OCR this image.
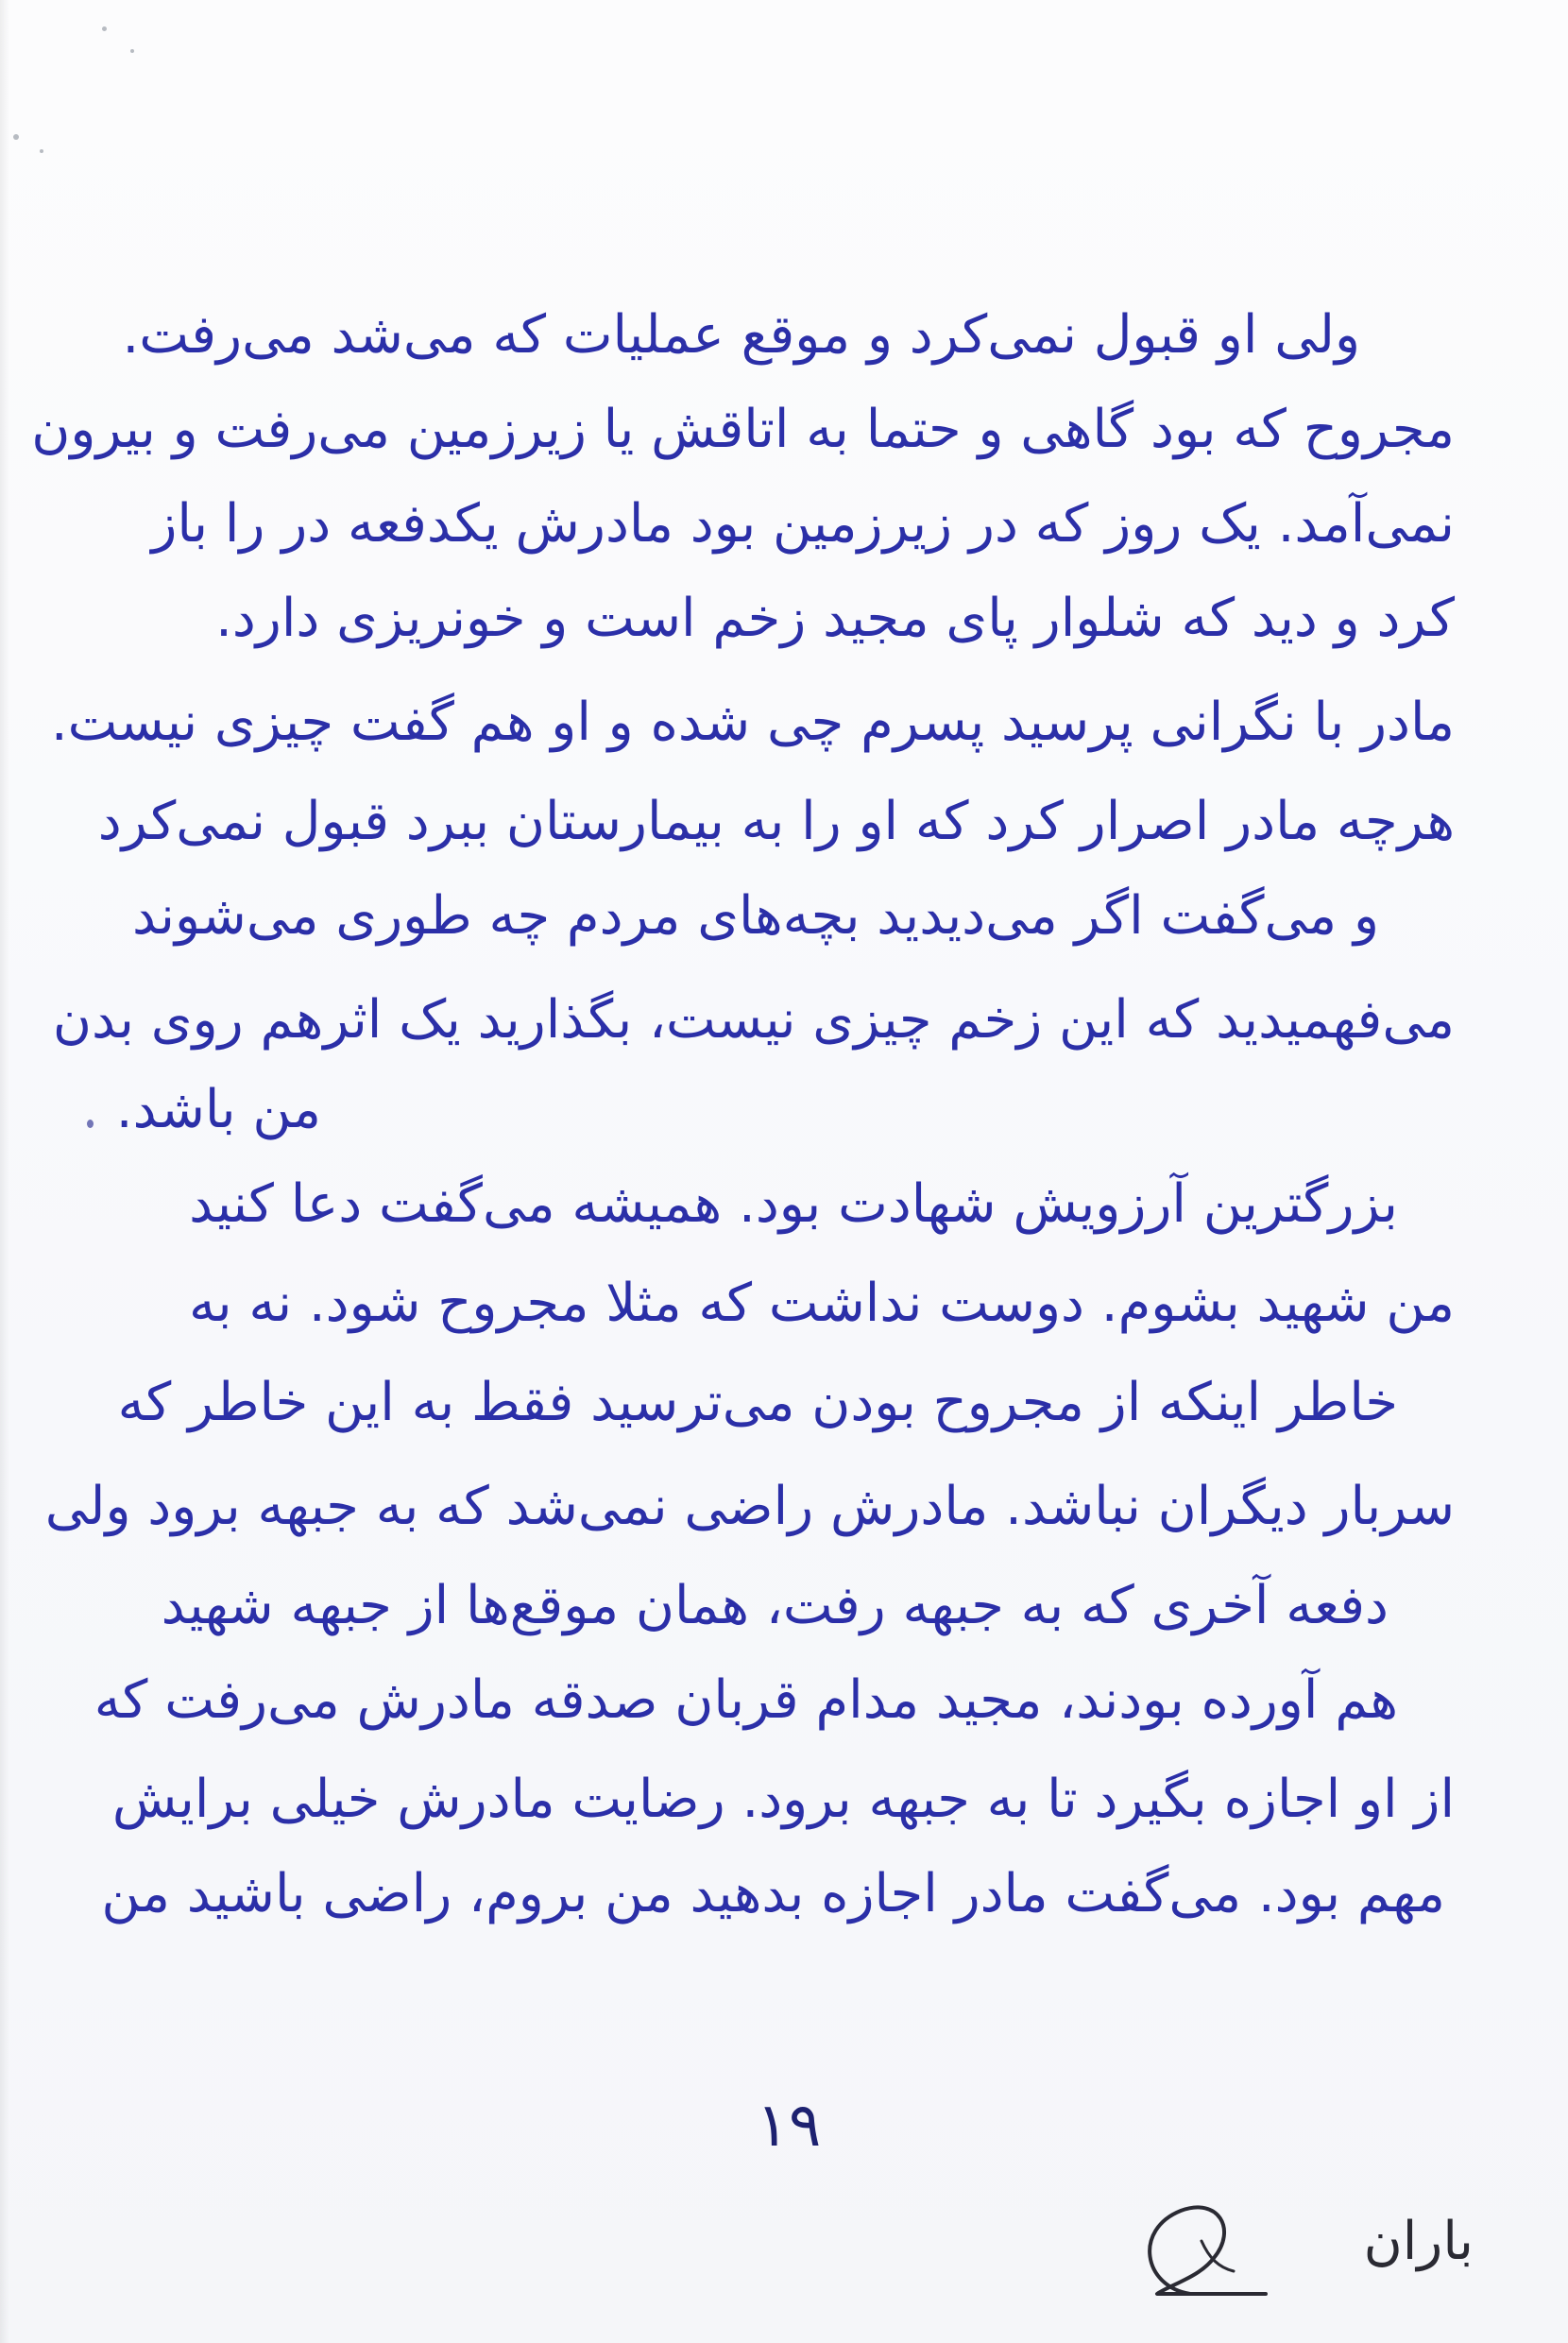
ولی او قبول نمی‌کرد و موقع عملیات که می‌شد می‌رفت.
مجروح که بود گاهی و حتما به اتاقش یا زیرزمین می‌رفت و بیرون
نمی‌آمد. یک روز که در زیرزمین بود مادرش یکدفعه در را باز
کرد و دید که شلوار پای مجید زخم است و خونریزی دارد.
مادر با نگرانی پرسید پسرم چی شده و او هم گفت چیزی نیست.
هرچه مادر اصرار کرد که او را به بیمارستان ببرد قبول نمی‌کرد
و می‌گفت اگر می‌دیدید بچه‌های مردم چه طوری می‌شوند
می‌فهمیدید که این زخم چیزی نیست، بگذارید یک اثرهم روی بدن
من باشد.
بزرگترین آرزویش شهادت بود. همیشه می‌گفت دعا کنید
من شهید بشوم. دوست نداشت که مثلا مجروح شود. نه به
خاطر اینکه از مجروح بودن می‌ترسید فقط به این خاطر که
سربار دیگران نباشد. مادرش راضی نمی‌شد که به جبهه برود ولی
دفعه آخری که به جبهه رفت، همان موقع‌ها از جبهه شهید
هم آورده بودند، مجید مدام قربان صدقه مادرش می‌رفت که
از او اجازه بگیرد تا به جبهه برود. رضایت مادرش خیلی برایش
مهم بود. می‌گفت مادر اجازه بدهید من بروم، راضی باشید من
۱۹
باران
